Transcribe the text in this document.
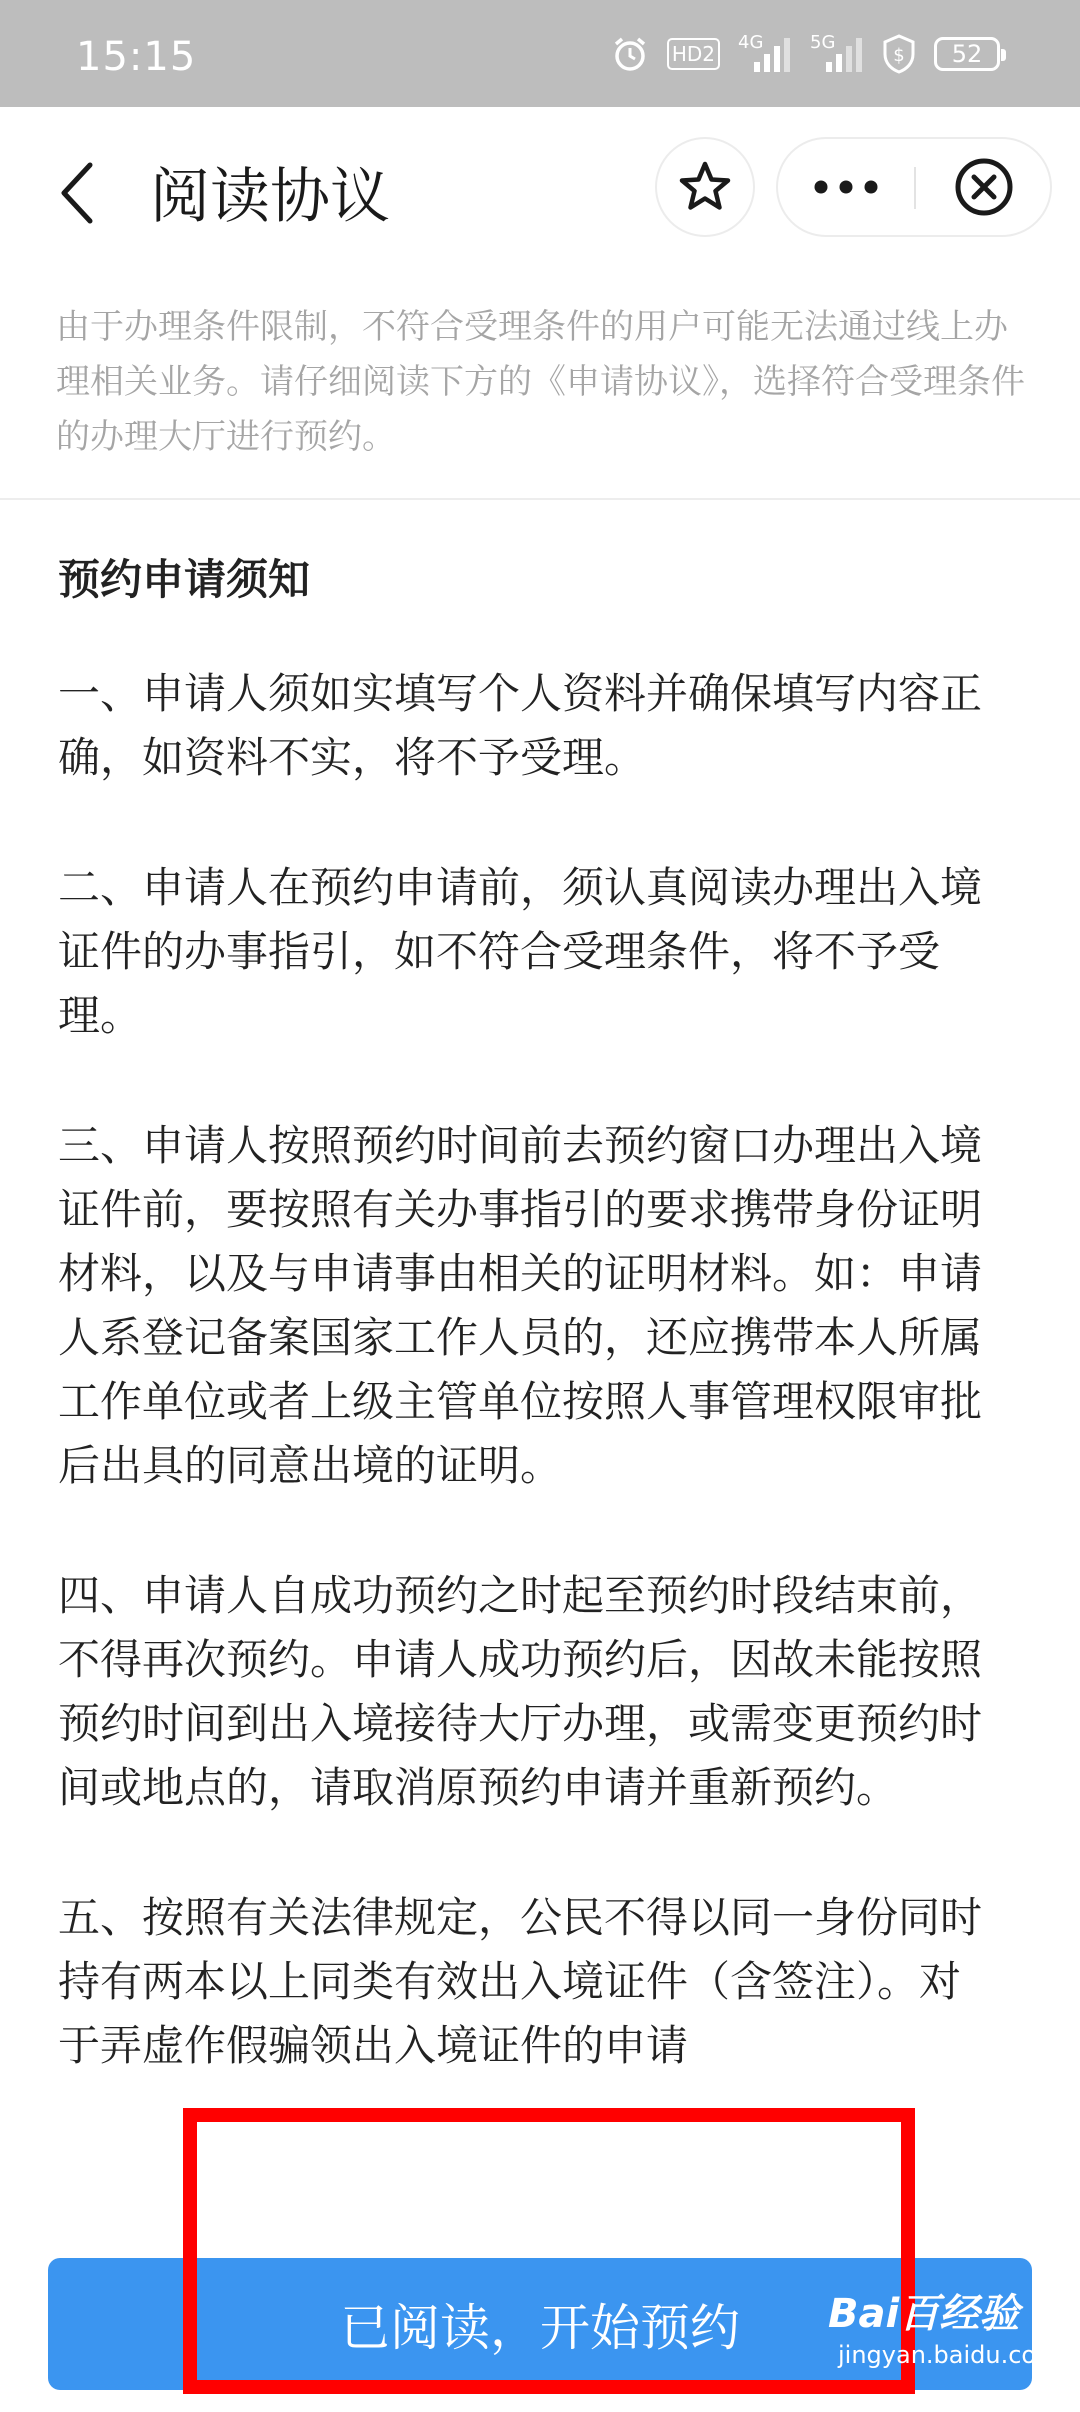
15:15	HD2 4G	5G
$ 52
阅读协议
由于办理条件限制，不符合受理条件的用户可能无法通过线上办理相关业务。请仔细阅读下方的《申请协议》，选择符合受理条件的办理大厅进行预约。
预约申请须知
一、申请人须如实填写个人资料并确保填写内容正确，如资料不实，将不予受理。
二、申请人在预约申请前，须认真阅读办理出入境证件的办事指引，如不符合受理条件，将不予受理。
三、申请人按照预约时间前去预约窗口办理出入境证件前，要按照有关办事指引的要求携带身份证明材料，以及与申请事由相关的证明材料。如：申请人系登记备案国家工作人员的，还应携带本人所属工作单位或者上级主管单位按照人事管理权限审批后出具的同意出境的证明。
四、申请人自成功预约之时起至预约时段结束前，不得再次预约。申请人成功预约后，因故未能按照预约时间到出入境接待大厅办理，或需变更预约时间或地点的，请取消原预约申请并重新预约。
五、按照有关法律规定，公民不得以同一身份同时持有两本以上同类有效出入境证件（含签注）。对于弄虚作假骗领出入境证件的申请
已阅读，开始预约	Bai百经验
jingyan.baidu.com
